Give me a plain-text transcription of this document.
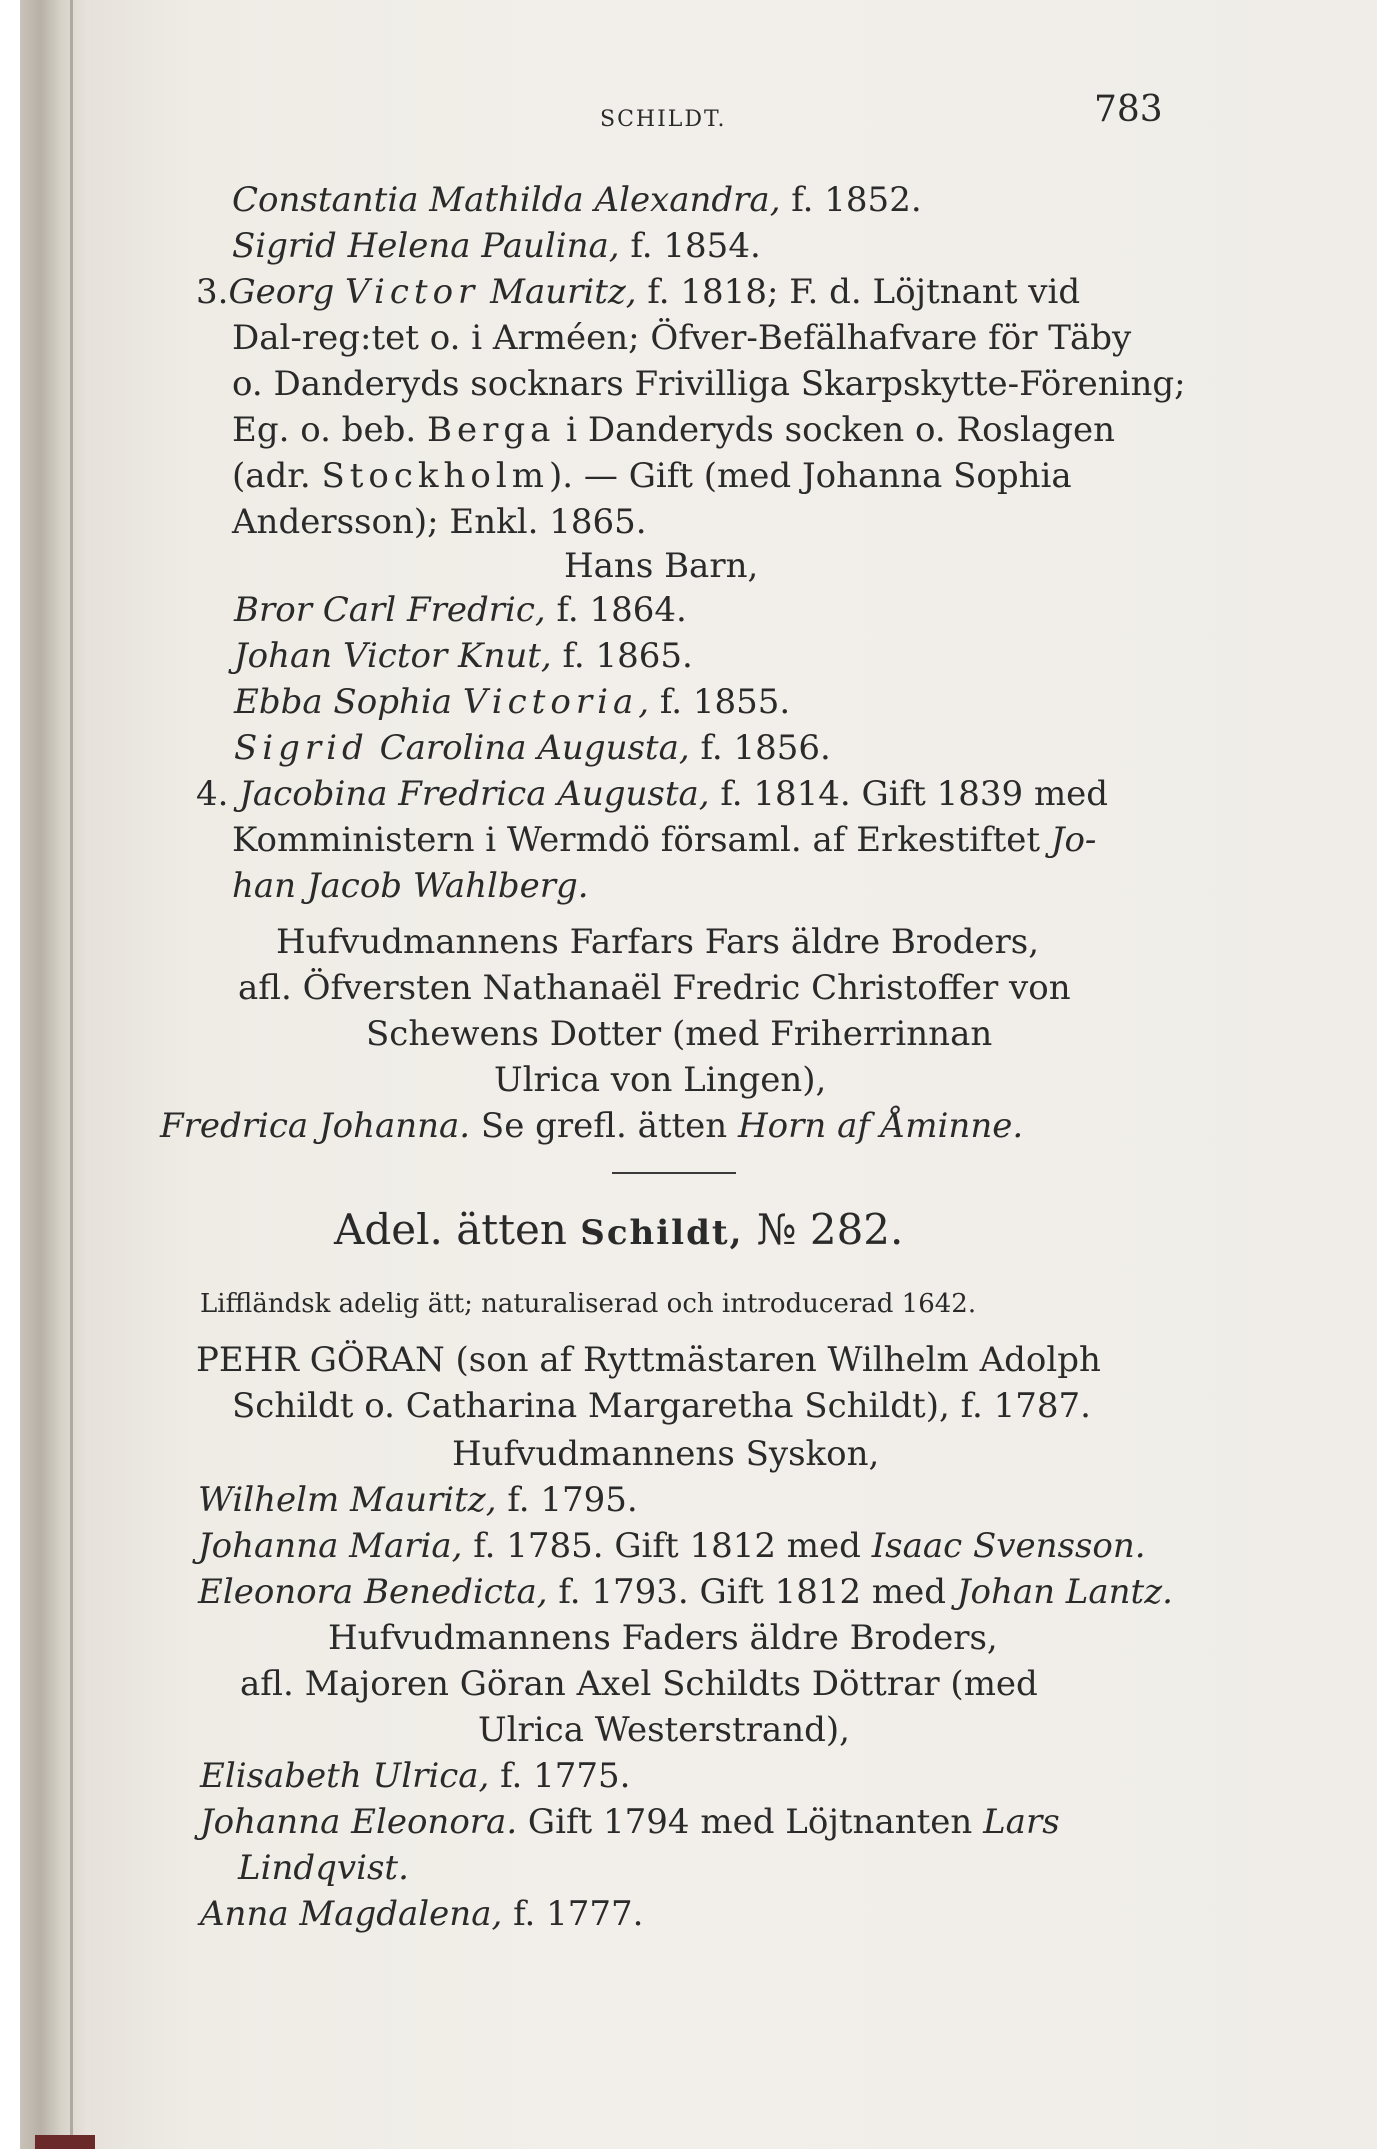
SCHILDT.	783
Constantia Mathilda Alexandra, f. 1852.
Sigrid Helena Paulina, f. 1854.
3.Georg Victor Mauritz, f. 1818; F. d. Löjtnant vid
Dal-reg:tet o. i Arméen; Öfver-Befälhafvare för Täby
o. Danderyds socknars Frivilliga Skarpskytte-Förening;
Eg. o. beb. Berga i Danderyds socken o. Roslagen
(adr. Stockholm). — Gift (med Johanna Sophia
Andersson); Enkl. 1865.
Hans Barn,
Bror Carl Fredric, f. 1864.
Johan Victor Knut, f. 1865.
Ebba Sophia Victoria, f. 1855.
Sigrid Carolina Augusta, f. 1856.
4. Jacobina Fredrica Augusta, f. 1814. Gift 1839 med
Komministern i Wermdö församl. af Erkestiftet Jo-
han Jacob Wahlberg.
Hufvudmannens Farfars Fars äldre Broders,
afl. Öfversten Nathanaël Fredric Christoffer von
Schewens Dotter (med Friherrinnan
Ulrica von Lingen),
Fredrica Johanna. Se grefl. ätten Horn af Åminne.
Adel. ätten Schildt, № 282.
Liffländsk adelig ätt; naturaliserad och introducerad 1642.
PEHR GÖRAN (son af Ryttmästaren Wilhelm Adolph
Schildt o. Catharina Margaretha Schildt), f. 1787.
Hufvudmannens Syskon,
Wilhelm Mauritz, f. 1795.
Johanna Maria, f. 1785. Gift 1812 med Isaac Svensson.
Eleonora Benedicta, f. 1793. Gift 1812 med Johan Lantz.
Hufvudmannens Faders äldre Broders,
afl. Majoren Göran Axel Schildts Döttrar (med
Ulrica Westerstrand),
Elisabeth Ulrica, f. 1775.
Johanna Eleonora. Gift 1794 med Löjtnanten Lars
Lindqvist.
Anna Magdalena, f. 1777.
